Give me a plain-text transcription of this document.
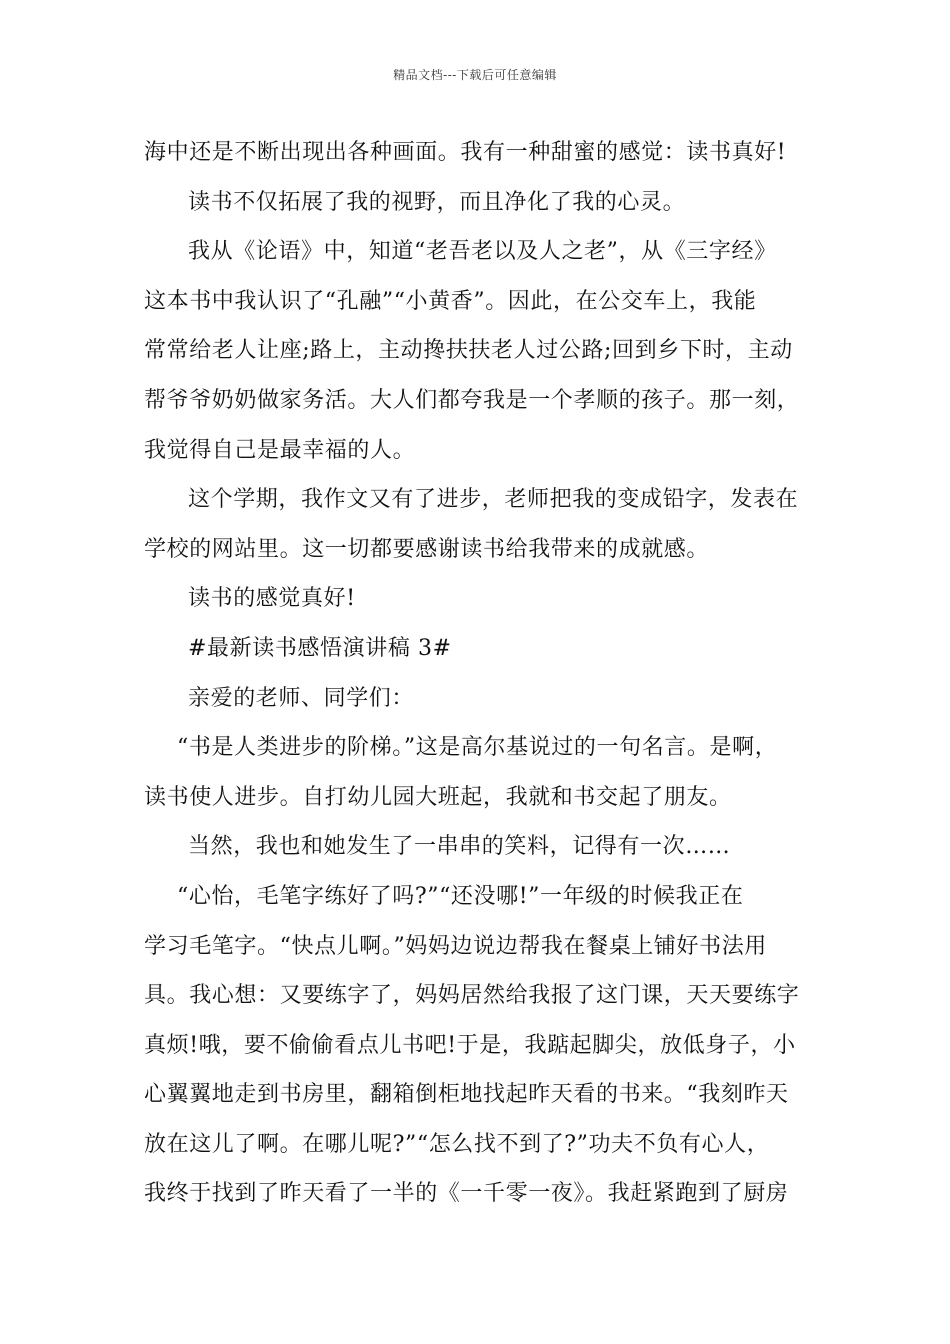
精品文档---下载后可任意编辑
海中还是不断出现出各种画面。我有一种甜蜜的感觉：读书真好!
读书不仅拓展了我的视野，而且净化了我的心灵。
我从《论语》中，知道“老吾老以及人之老”，从《三字经》
这本书中我认识了“孔融”“小黄香”。因此，在公交车上，我能
常常给老人让座;路上，主动搀扶扶老人过公路;回到乡下时，主动
帮爷爷奶奶做家务活。大人们都夸我是一个孝顺的孩子。那一刻，
我觉得自己是最幸福的人。
这个学期，我作文又有了进步，老师把我的变成铅字，发表在
学校的网站里。这一切都要感谢读书给我带来的成就感。
读书的感觉真好!
#最新读书感悟演讲稿 3#
亲爱的老师、同学们：
“书是人类进步的阶梯。”这是高尔基说过的一句名言。是啊，
读书使人进步。自打幼儿园大班起，我就和书交起了朋友。
当然，我也和她发生了一串串的笑料，记得有一次……
“心怡，毛笔字练好了吗?”“还没哪!”一年级的时候我正在
学习毛笔字。“快点儿啊。”妈妈边说边帮我在餐桌上铺好书法用
具。我心想：又要练字了，妈妈居然给我报了这门课，天天要练字
真烦!哦，要不偷偷看点儿书吧!于是，我踮起脚尖，放低身子，小
心翼翼地走到书房里，翻箱倒柜地找起昨天看的书来。“我刻昨天
放在这儿了啊。在哪儿呢?”“怎么找不到了?”功夫不负有心人，
我终于找到了昨天看了一半的《一千零一夜》。我赶紧跑到了厨房
